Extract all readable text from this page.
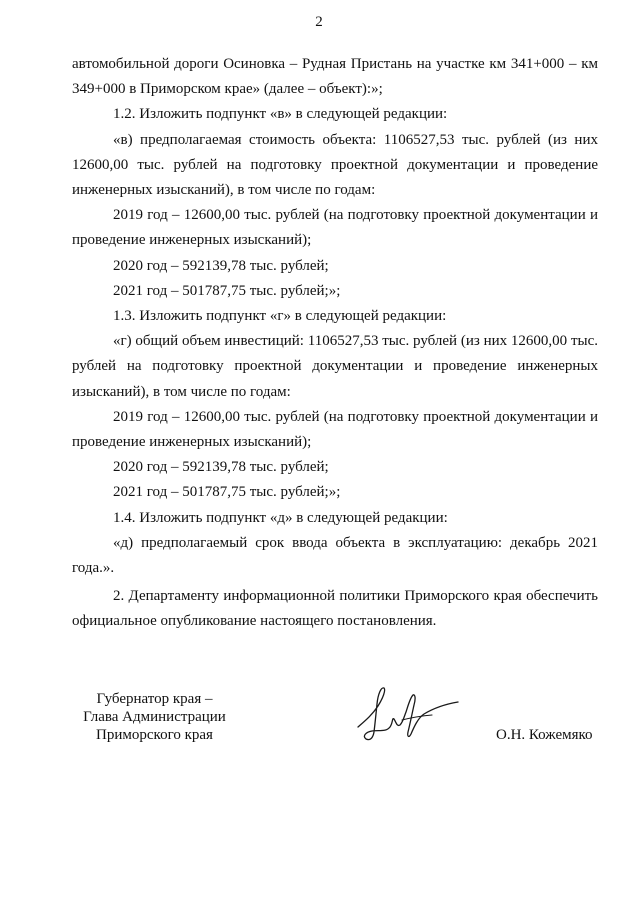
2

автомобильной дороги Осиновка – Рудная Пристань на участке км 341+000 – км 349+000 в Приморском крае» (далее – объект):»;

1.2. Изложить подпункт «в» в следующей редакции:

«в) предполагаемая стоимость объекта: 1106527,53 тыс. рублей (из них 12600,00 тыс. рублей на подготовку проектной документации и проведение инженерных изысканий), в том числе по годам:

2019 год – 12600,00 тыс. рублей (на подготовку проектной документации и проведение инженерных изысканий);

2020 год – 592139,78 тыс. рублей;

2021 год – 501787,75 тыс. рублей;»;

1.3. Изложить подпункт «г» в следующей редакции:

«г) общий объем инвестиций: 1106527,53 тыс. рублей (из них 12600,00 тыс. рублей на подготовку проектной документации и проведение инженерных изысканий), в том числе по годам:

2019 год – 12600,00 тыс. рублей (на подготовку проектной документации и проведение инженерных изысканий);

2020 год – 592139,78 тыс. рублей;

2021 год – 501787,75 тыс. рублей;»;

1.4. Изложить подпункт «д» в следующей редакции:

«д) предполагаемый срок ввода объекта в эксплуатацию: декабрь 2021 года.».

2. Департаменту информационной политики Приморского края обеспечить официальное опубликование настоящего постановления.

Губернатор края –
Глава Администрации
Приморского края	О.Н. Кожемяко
